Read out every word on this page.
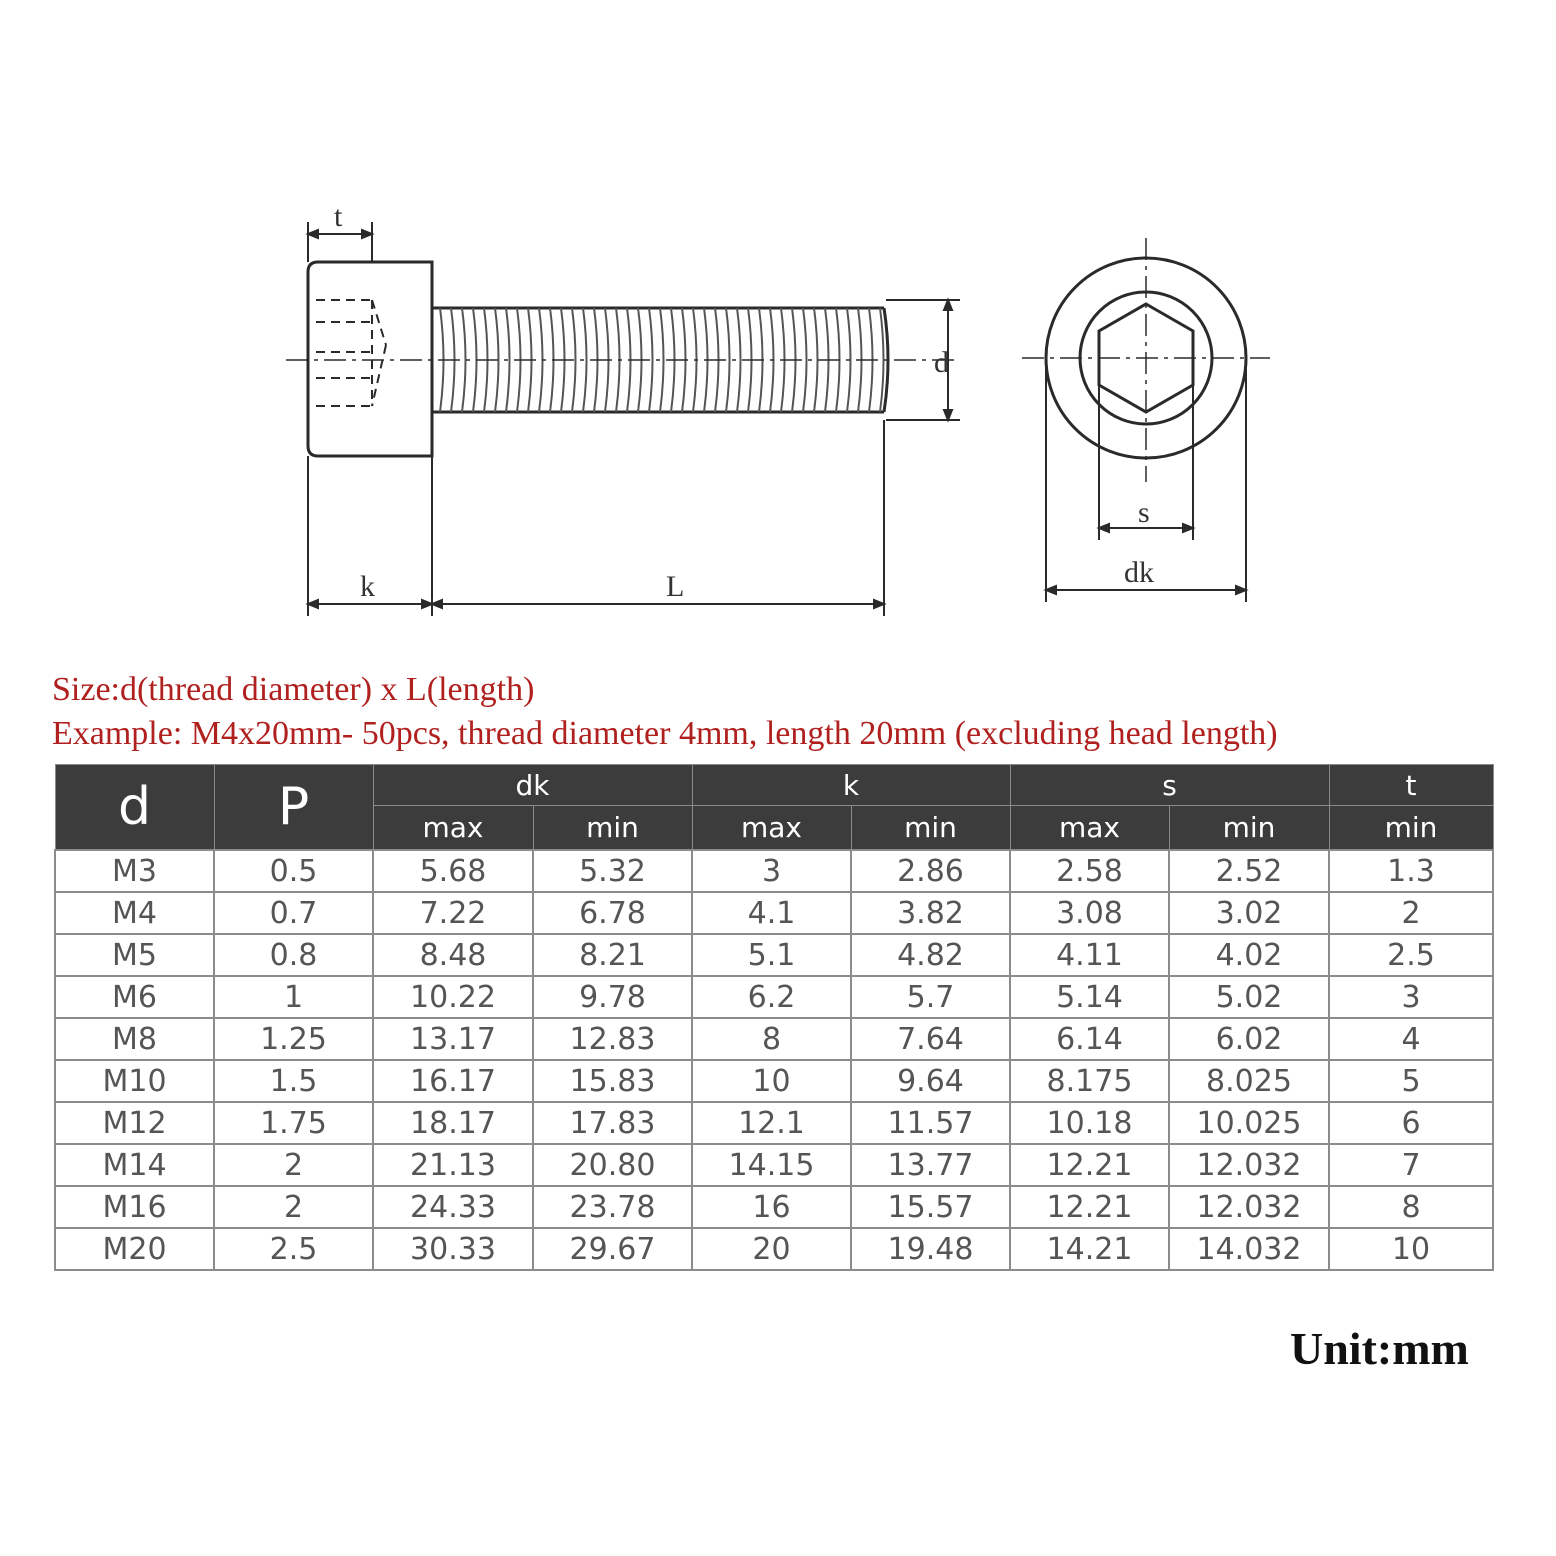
t
d
k	L
s
dk
Size:d(thread diameter) x L(length)
Example: M4x20mm- 50pcs, thread diameter 4mm, length 20mm (excluding head length)
d	P	dk		k		s		t
		max	min	max	min	max	min	min
M3	0.5	5.68	5.32	3	2.86	2.58	2.52	1.3
M4	0.7	7.22	6.78	4.1	3.82	3.08	3.02	2
M5	0.8	8.48	8.21	5.1	4.82	4.11	4.02	2.5
M6	1	10.22	9.78	6.2	5.7	5.14	5.02	3
M8	1.25	13.17	12.83	8	7.64	6.14	6.02	4
M10	1.5	16.17	15.83	10	9.64	8.175	8.025	5
M12	1.75	18.17	17.83	12.1	11.57	10.18	10.025	6
M14	2	21.13	20.80	14.15	13.77	12.21	12.032	7
M16	2	24.33	23.78	16	15.57	12.21	12.032	8
M20	2.5	30.33	29.67	20	19.48	14.21	14.032	10
Unit:mm
